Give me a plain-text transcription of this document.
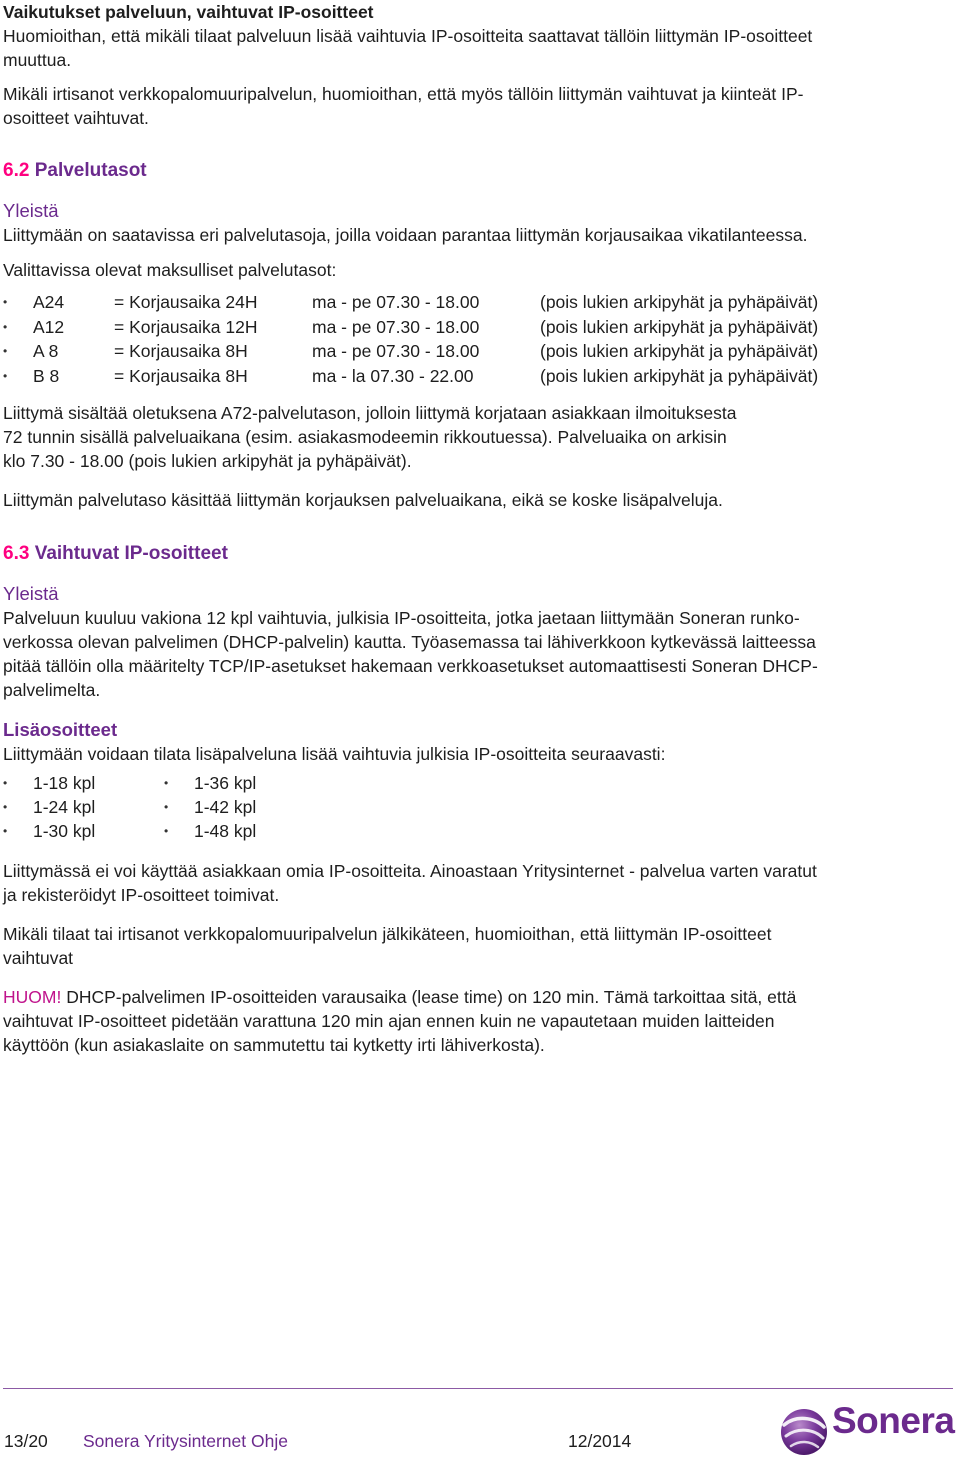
Vaikutukset palveluun, vaihtuvat IP-osoitteet

Huomioithan, että mikäli tilaat palveluun lisää vaihtuvia IP-osoitteita saattavat tällöin liittymän IP-osoitteet

muuttua.

Mikäli irtisanot verkkopalomuuripalvelun, huomioithan, että myös tällöin liittymän vaihtuvat ja kiinteät IP-

osoitteet vaihtuvat.

6.2 Palvelutasot

Yleistä

Liittymään on saatavissa eri palvelutasoja, joilla voidaan parantaa liittymän korjausaikaa vikatilanteessa.

Valittavissa olevat maksulliset palvelutasot:

• A24	= Korjausaika 24H	ma - pe 07.30 - 18.00	(pois lukien arkipyhät ja pyhäpäivät)
• A12	= Korjausaika 12H	ma - pe 07.30 - 18.00	(pois lukien arkipyhät ja pyhäpäivät)
• A 8	= Korjausaika 8H	ma - pe 07.30 - 18.00	(pois lukien arkipyhät ja pyhäpäivät)
• B 8	= Korjausaika 8H	ma - la 07.30 - 22.00	(pois lukien arkipyhät ja pyhäpäivät)

Liittymä sisältää oletuksena A72-palvelutason, jolloin liittymä korjataan asiakkaan ilmoituksesta

72 tunnin sisällä palveluaikana (esim. asiakasmodeemin rikkoutuessa). Palveluaika on arkisin

klo 7.30 - 18.00 (pois lukien arkipyhät ja pyhäpäivät).

Liittymän palvelutaso käsittää liittymän korjauksen palveluaikana, eikä se koske lisäpalveluja.

6.3 Vaihtuvat IP-osoitteet

Yleistä

Palveluun kuuluu vakiona 12 kpl vaihtuvia, julkisia IP-osoitteita, jotka jaetaan liittymään Soneran runko-

verkossa olevan palvelimen (DHCP-palvelin) kautta. Työasemassa tai lähiverkkoon kytkevässä laitteessa

pitää tällöin olla määritelty TCP/IP-asetukset hakemaan verkkoasetukset automaattisesti Soneran DHCP-

palvelimelta.

Lisäosoitteet

Liittymään voidaan tilata lisäpalveluna lisää vaihtuvia julkisia IP-osoitteita seuraavasti:

• 1-18 kpl
• 1-24 kpl
• 1-30 kpl
• 1-36 kpl
• 1-42 kpl
• 1-48 kpl

Liittymässä ei voi käyttää asiakkaan omia IP-osoitteita. Ainoastaan Yritysinternet - palvelua varten varatut

ja rekisteröidyt IP-osoitteet toimivat.

Mikäli tilaat tai irtisanot verkkopalomuuripalvelun jälkikäteen, huomioithan, että liittymän IP-osoitteet

vaihtuvat

HUOM! DHCP-palvelimen IP-osoitteiden varausaika (lease time) on 120 min. Tämä tarkoittaa sitä, että

vaihtuvat IP-osoitteet pidetään varattuna 120 min ajan ennen kuin ne vapautetaan muiden laitteiden

käyttöön (kun asiakaslaite on sammutettu tai kytketty irti lähiverkosta).

13/20 Sonera Yritysinternet Ohje	12/2014	Sonera
